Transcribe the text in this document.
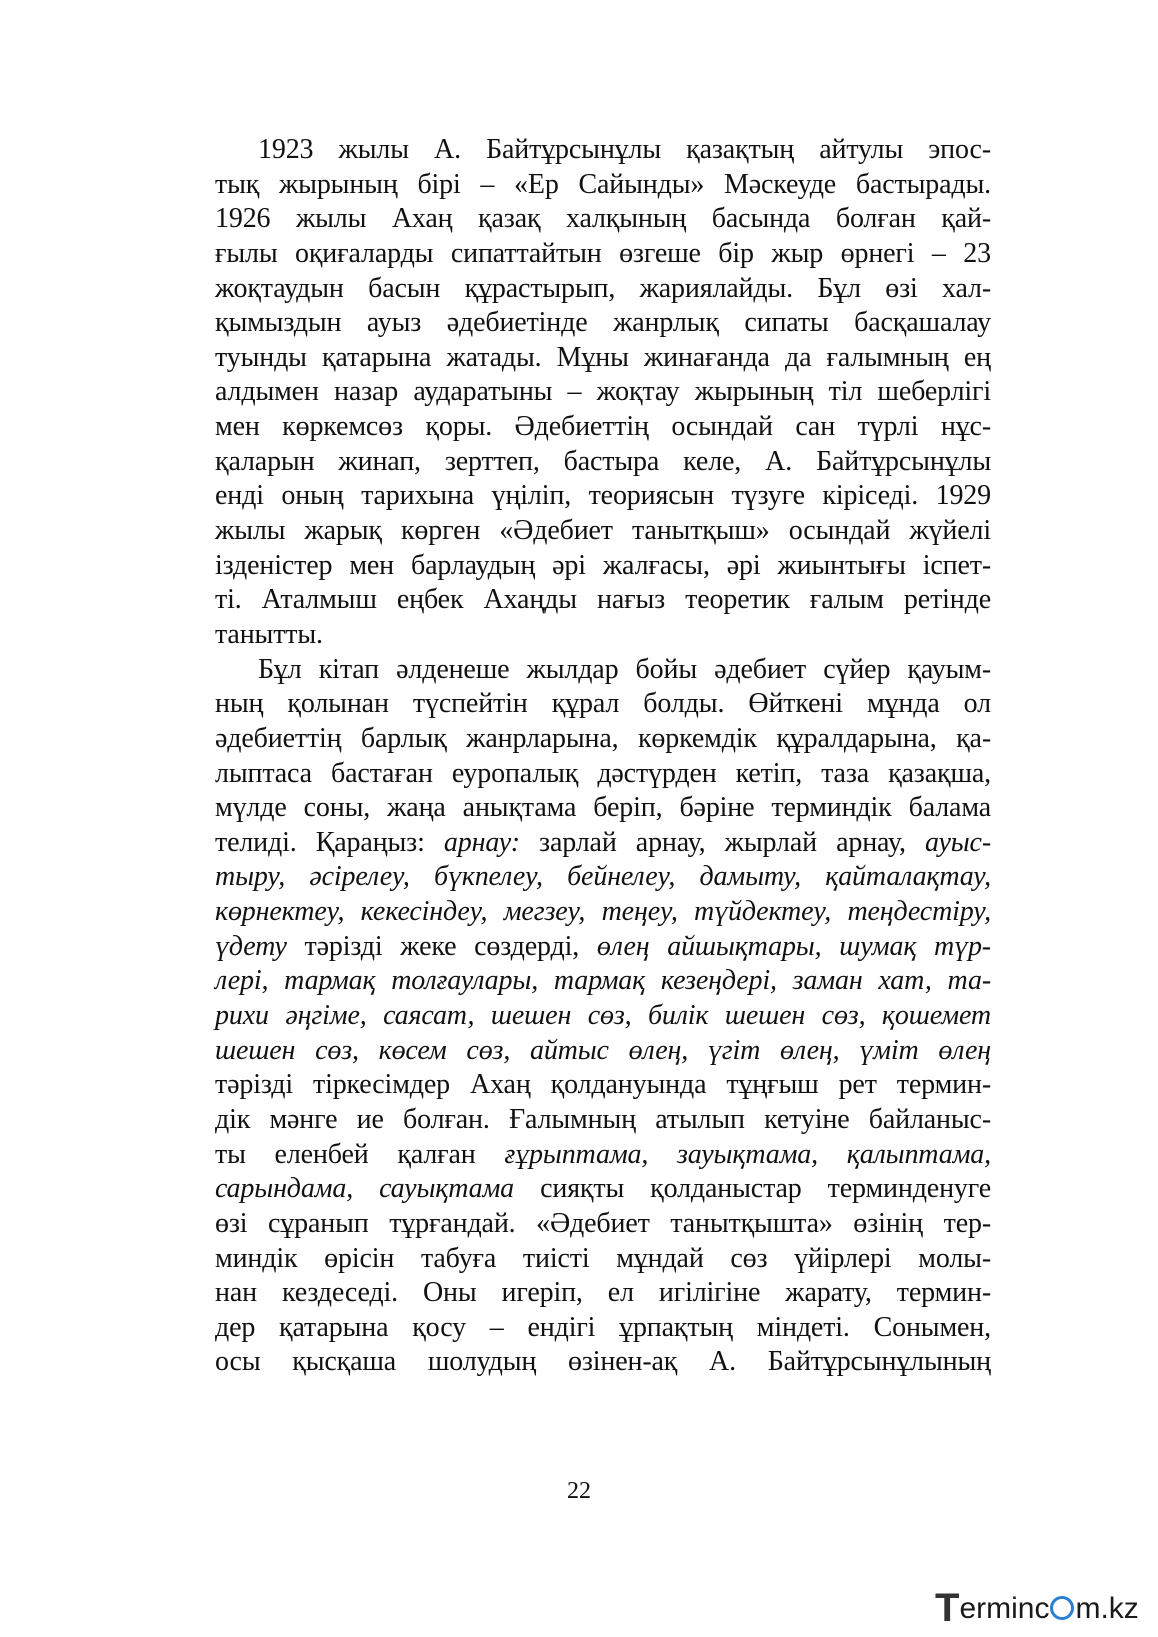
1923 жылы А. Байтұрсынұлы қазақтың айтулы эпос-
тық жырының бірі – «Ер Сайынды» Мәскеуде бастырады.
1926 жылы Ахаң қазақ халқының басында болған қай-
ғылы оқиғаларды сипаттайтын өзгеше бір жыр өрнегі – 23
жоқтаудын басын құрастырып, жариялайды. Бұл өзі хал-
қымыздын ауыз әдебиетінде жанрлық сипаты басқашалау
туынды қатарына жатады. Мұны жинағанда да ғалымның ең
алдымен назар аударатыны – жоқтау жырының тіл шеберлігі
мен көркемсөз қоры. Әдебиеттің осындай сан түрлі нұс-
қаларын жинап, зерттеп, бастыра келе, А. Байтұрсынұлы
енді оның тарихына үңіліп, теориясын түзуге кіріседі. 1929
жылы жарық көрген «Әдебиет танытқыш» осындай жүйелі
ізденістер мен барлаудың әрі жалғасы, әрі жиынтығы іспет-
ті. Аталмыш еңбек Ахаңды нағыз теоретик ғалым ретінде
танытты.
Бұл кітап әлденеше жылдар бойы әдебиет сүйер қауым-
ның қолынан түспейтін құрал болды. Өйткені мұнда ол
әдебиеттің барлық жанрларына, көркемдік құралдарына, қа-
лыптаса бастаған еуропалық дәстүрден кетіп, таза қазақша,
мүлде соны, жаңа анықтама беріп, бәріне терминдік балама
телиді. Қараңыз: арнау: зарлай арнау, жырлай арнау, ауыс-
тыру, әсірелеу, бүкпелеу, бейнелеу, дамыту, қайталақтау,
көрнектеу, кекесіндеу, мегзеу, теңеу, түйдектеу, теңдестіру,
үдету тәрізді жеке сөздерді, өлең айшықтары, шумақ түр-
лері, тармақ толғаулары, тармақ кезеңдері, заман хат, та-
рихи әңгіме, саясат, шешен сөз, билік шешен сөз, қошемет
шешен сөз, көсем сөз, айтыс өлең, үгіт өлең, үміт өлең
тәрізді тіркесімдер Ахаң қолдануында тұңғыш рет термин-
дік мәнге ие болған. Ғалымның атылып кетуіне байланыс-
ты еленбей қалған ғұрыптама, зауықтама, қалыптама,
сарындама, сауықтама сияқты қолданыстар терминденуге
өзі сұранып тұрғандай. «Әдебиет танытқышта» өзінің тер-
миндік өрісін табуға тиісті мұндай сөз үйірлері молы-
нан кездеседі. Оны игеріп, ел игілігіне жарату, термин-
дер қатарына қосу – ендігі ұрпақтың міндеті. Сонымен,
осы қысқаша шолудың өзінен-ақ А. Байтұрсынұлының
22
T erminc m.kz
